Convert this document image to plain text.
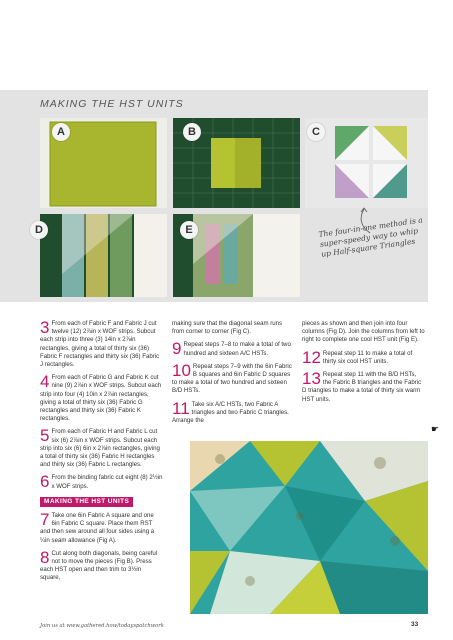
MAKING THE HST UNITS
A	B	C
D	E	The four-in-one method is a super-speedy way to whip up Half-square Triangles
3 From each of Fabric F and Fabric J cut twelve (12) 2⅞in x WOF strips. Subcut each strip into three (3) 14in x 2⅞in rectangles, giving a total of thirty six (36) Fabric F rectangles and thirty six (36) Fabric J rectangles.
4 From each of Fabric G and Fabric K cut nine (9) 2⅞in x WOF strips. Subcut each strip into four (4) 10in x 2⅞in rectangles, giving a total of thirty six (36) Fabric G rectangles and thirty six (36) Fabric K rectangles.
5 From each of Fabric H and Fabric L cut six (6) 2⅞in x WOF strips. Subcut each strip into six (6) 6in x 2⅞in rectangles, giving a total of thirty six (36) Fabric H rectangles and thirty six (36) Fabric L rectangles.
6 From the binding fabric cut eight (8) 2½in x WOF strips.
MAKING THE HST UNITS
7 Take one 6in Fabric A square and one 6in Fabric C square. Place them RST and then sew around all four sides using a ¼in seam allowance (Fig A).
8 Cut along both diagonals, being careful not to move the pieces (Fig B). Press each HST open and then trim to 3½in square,
making sure that the diagonal seam runs from corner to corner (Fig C).
9 Repeat steps 7–8 to make a total of two hundred and sixteen A/C HSTs.
10 Repeat steps 7–9 with the 6in Fabric B squares and 6in Fabric D squares to make a total of two hundred and sixteen B/D HSTs.
11 Take six A/C HSTs, two Fabric A triangles and two Fabric C triangles. Arrange the
pieces as shown and then join into four columns (Fig D). Join the columns from left to right to complete one cool HST unit (Fig E).
12 Repeat step 11 to make a total of thirty six cool HST units.
13 Repeat step 11 with the B/D HSTs, the Fabric B triangles and the Fabric D triangles to make a total of thirty six warm HST units.
☛
Join us at www.gathered.how/todayspatchwork	33
